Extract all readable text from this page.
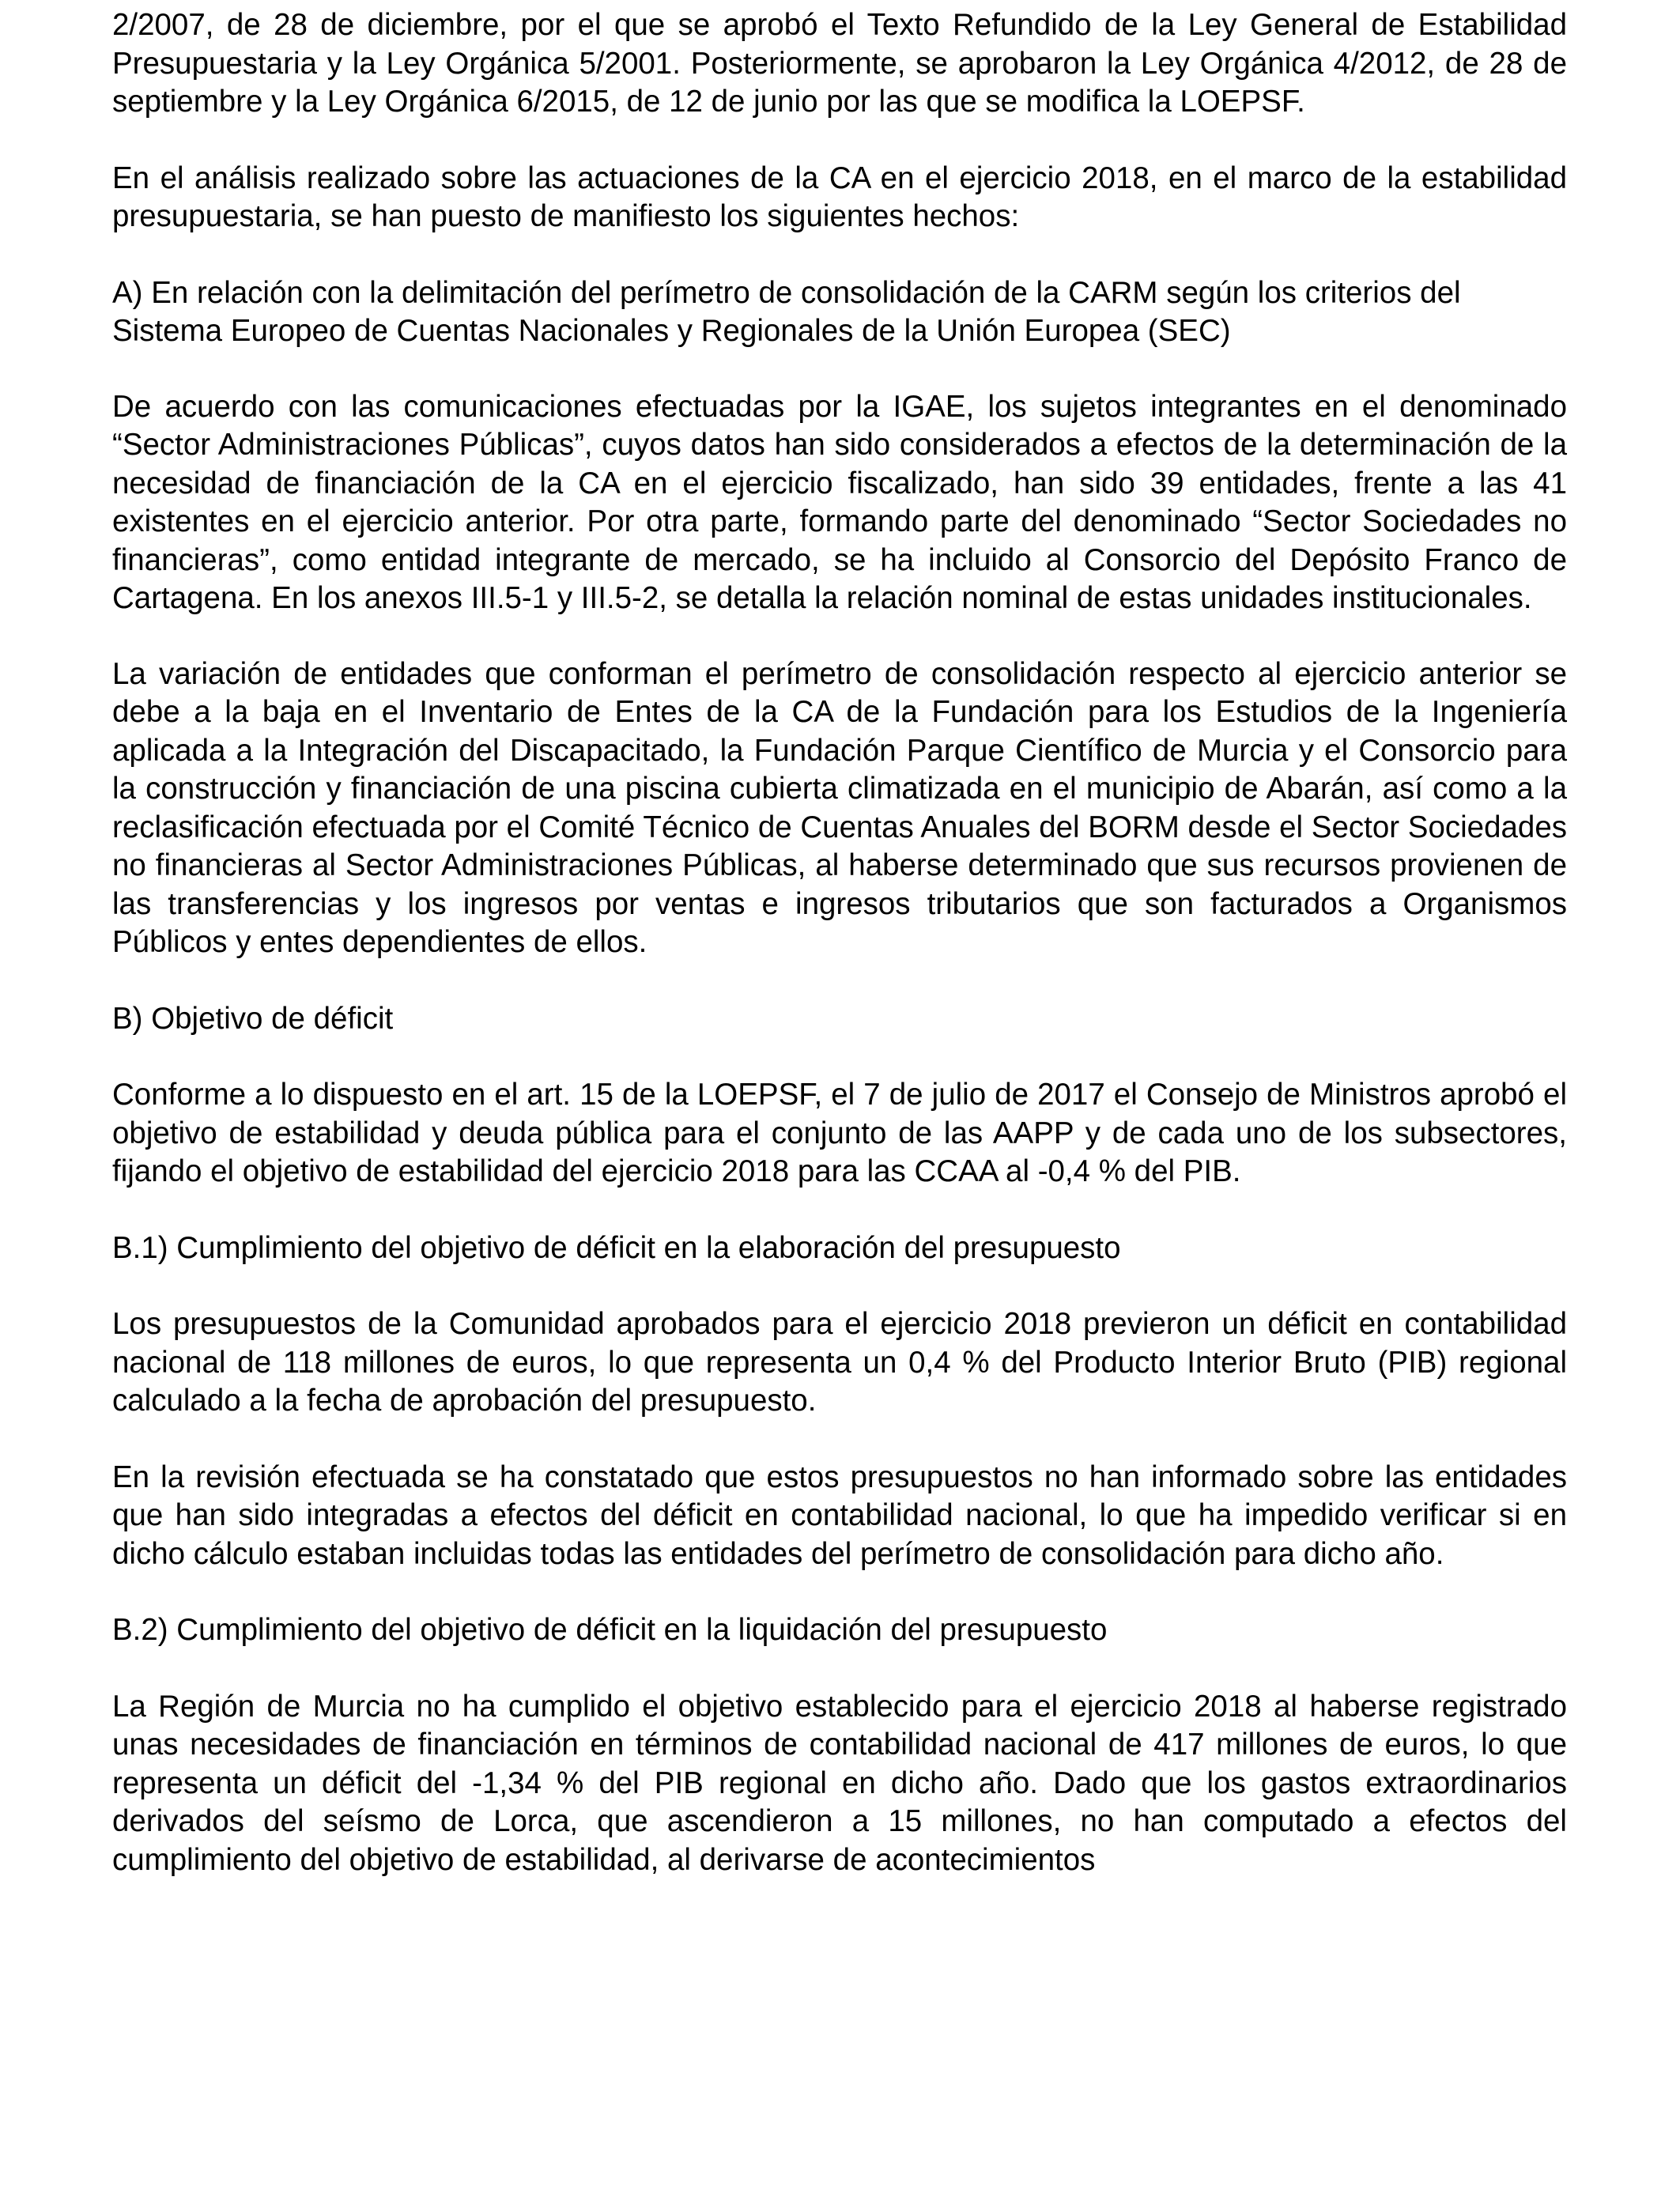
2/2007, de 28 de diciembre, por el que se aprobó el Texto Refundido de la Ley General de Estabilidad Presupuestaria y la Ley Orgánica 5/2001. Posteriormente, se aprobaron la Ley Orgánica 4/2012, de 28 de septiembre y la Ley Orgánica 6/2015, de 12 de junio por las que se modifica la LOEPSF.

En el análisis realizado sobre las actuaciones de la CA en el ejercicio 2018, en el marco de la estabilidad presupuestaria, se han puesto de manifiesto los siguientes hechos:

A) En relación con la delimitación del perímetro de consolidación de la CARM según los criterios del Sistema Europeo de Cuentas Nacionales y Regionales de la Unión Europea (SEC)

De acuerdo con las comunicaciones efectuadas por la IGAE, los sujetos integrantes en el denominado “Sector Administraciones Públicas”, cuyos datos han sido considerados a efectos de la determinación de la necesidad de financiación de la CA en el ejercicio fiscalizado, han sido 39 entidades, frente a las 41 existentes en el ejercicio anterior. Por otra parte, formando parte del denominado “Sector Sociedades no financieras”, como entidad integrante de mercado, se ha incluido al Consorcio del Depósito Franco de Cartagena. En los anexos III.5-1 y III.5-2, se detalla la relación nominal de estas unidades institucionales.

La variación de entidades que conforman el perímetro de consolidación respecto al ejercicio anterior se debe a la baja en el Inventario de Entes de la CA de la Fundación para los Estudios de la Ingeniería aplicada a la Integración del Discapacitado, la Fundación Parque Científico de Murcia y el Consorcio para la construcción y financiación de una piscina cubierta climatizada en el municipio de Abarán, así como a la reclasificación efectuada por el Comité Técnico de Cuentas Anuales del BORM desde el Sector Sociedades no financieras al Sector Administraciones Públicas, al haberse determinado que sus recursos provienen de las transferencias y los ingresos por ventas e ingresos tributarios que son facturados a Organismos Públicos y entes dependientes de ellos.

B) Objetivo de déficit

Conforme a lo dispuesto en el art. 15 de la LOEPSF, el 7 de julio de 2017 el Consejo de Ministros aprobó el objetivo de estabilidad y deuda pública para el conjunto de las AAPP y de cada uno de los subsectores, fijando el objetivo de estabilidad del ejercicio 2018 para las CCAA al -0,4 % del PIB.

B.1) Cumplimiento del objetivo de déficit en la elaboración del presupuesto

Los presupuestos de la Comunidad aprobados para el ejercicio 2018 previeron un déficit en contabilidad nacional de 118 millones de euros, lo que representa un 0,4 % del Producto Interior Bruto (PIB) regional calculado a la fecha de aprobación del presupuesto.

En la revisión efectuada se ha constatado que estos presupuestos no han informado sobre las entidades que han sido integradas a efectos del déficit en contabilidad nacional, lo que ha impedido verificar si en dicho cálculo estaban incluidas todas las entidades del perímetro de consolidación para dicho año.

B.2) Cumplimiento del objetivo de déficit en la liquidación del presupuesto

La Región de Murcia no ha cumplido el objetivo establecido para el ejercicio 2018 al haberse registrado unas necesidades de financiación en términos de contabilidad nacional de 417 millones de euros, lo que representa un déficit del -1,34 % del PIB regional en dicho año. Dado que los gastos extraordinarios derivados del seísmo de Lorca, que ascendieron a 15 millones, no han computado a efectos del cumplimiento del objetivo de estabilidad, al derivarse de acontecimientos
